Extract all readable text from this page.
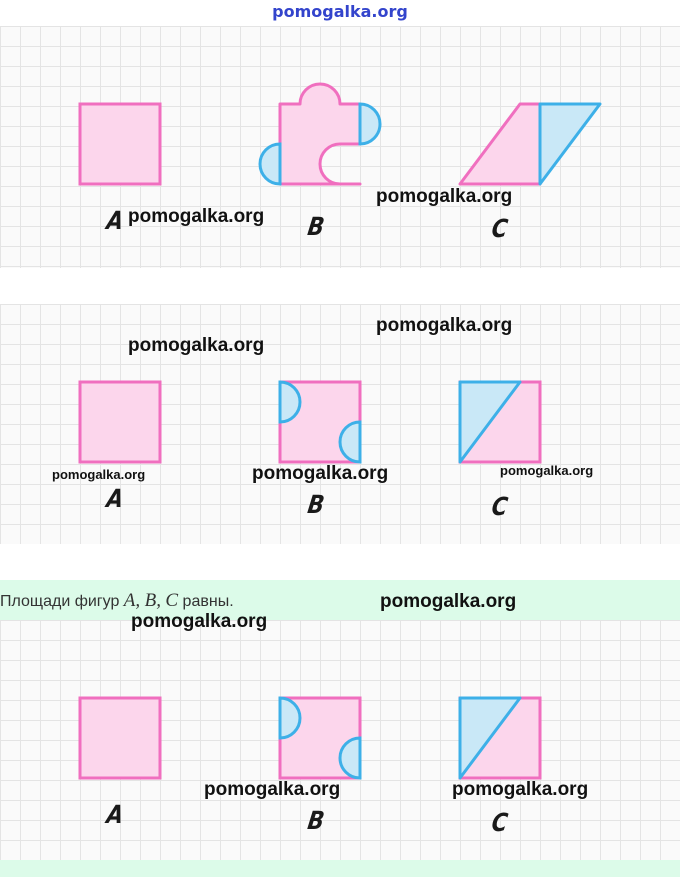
pomogalka.org
A	B	C
A	B	C
Площади фигур A, B, C равны.
A	B	C
pomogalka.org
pomogalka.org
pomogalka.org
pomogalka.org
pomogalka.org	pomogalka.org	pomogalka.org
pomogalka.org
pomogalka.org
pomogalka.org	pomogalka.org
